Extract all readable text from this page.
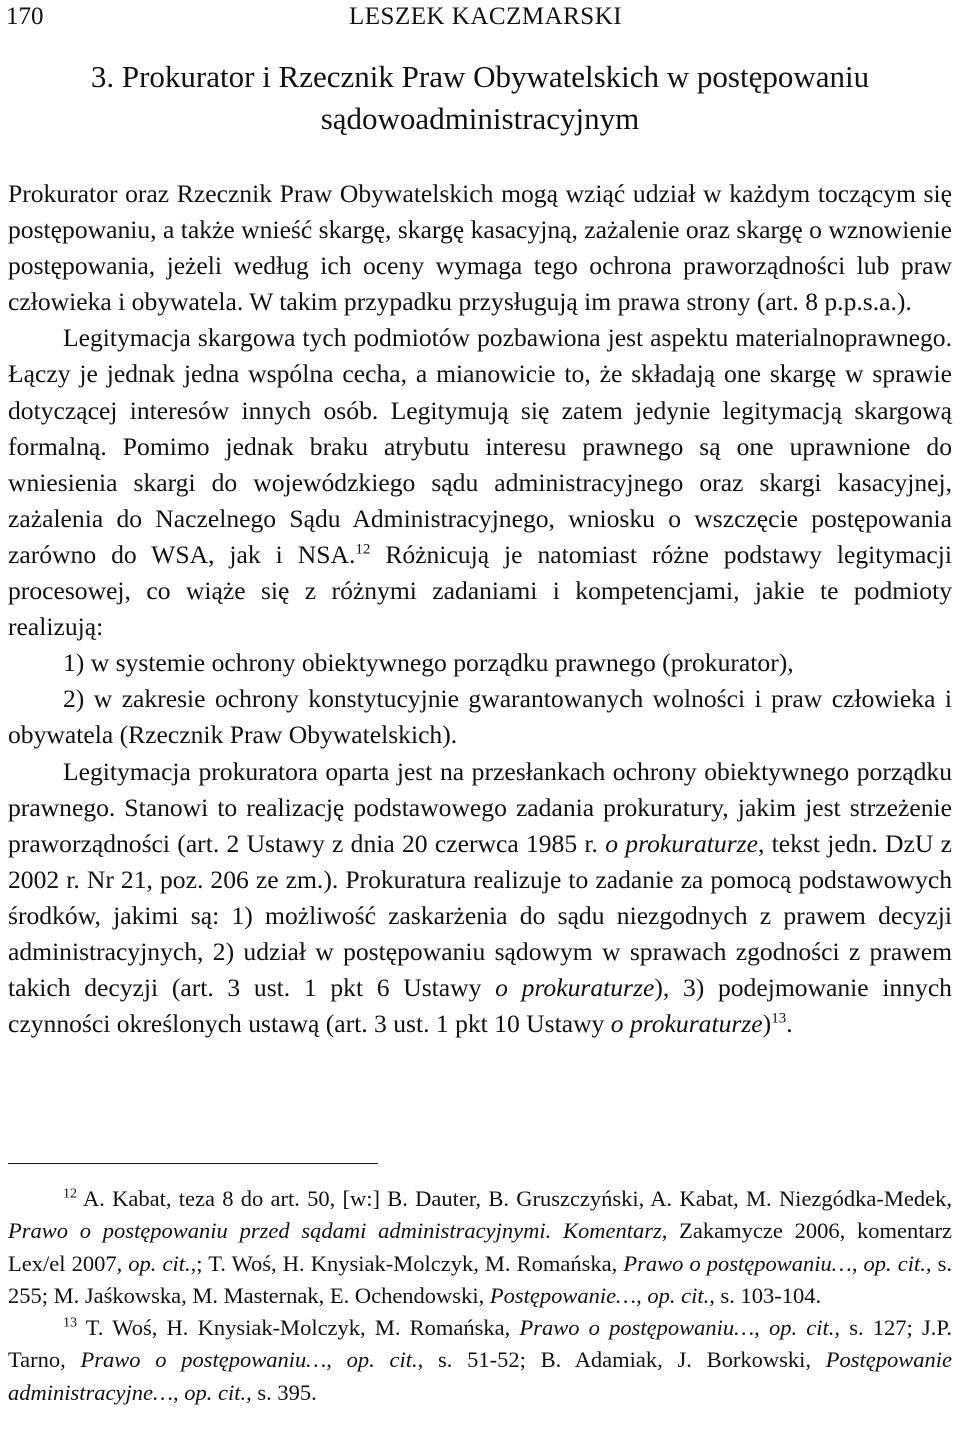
170	LESZEK KACZMARSKI
3. Prokurator i Rzecznik Praw Obywatelskich w postępowaniu
sądowoadministracyjnym

Prokurator oraz Rzecznik Praw Obywatelskich mogą wziąć udział w każdym toczącym się postępowaniu, a także wnieść skargę, skargę kasacyjną, zażalenie oraz skargę o wznowienie postępowania, jeżeli według ich oceny wymaga tego ochrona praworządności lub praw człowieka i obywatela. W takim przypadku przysługują im prawa strony (art. 8 p.p.s.a.).

Legitymacja skargowa tych podmiotów pozbawiona jest aspektu materialnoprawnego. Łączy je jednak jedna wspólna cecha, a mianowicie to, że składają one skargę w sprawie dotyczącej interesów innych osób. Legitymują się zatem jedynie legitymacją skargową formalną. Pomimo jednak braku atrybutu interesu prawnego są one uprawnione do wniesienia skargi do wojewódzkiego sądu administracyjnego oraz skargi kasacyjnej, zażalenia do Naczelnego Sądu Administracyjnego, wniosku o wszczęcie postępowania zarówno do WSA, jak i NSA.$^{12}$ Różnicują je natomiast różne podstawy legitymacji procesowej, co wiąże się z różnymi zadaniami i kompetencjami, jakie te podmioty realizują:

1) w systemie ochrony obiektywnego porządku prawnego (prokurator),

2) w zakresie ochrony konstytucyjnie gwarantowanych wolności i praw człowieka i obywatela (Rzecznik Praw Obywatelskich).

Legitymacja prokuratora oparta jest na przesłankach ochrony obiektywnego porządku prawnego. Stanowi to realizację podstawowego zadania prokuratury, jakim jest strzeżenie praworządności (art. 2 Ustawy z dnia 20 czerwca 1985 r. o prokuraturze, tekst jedn. DzU z 2002 r. Nr 21, poz. 206 ze zm.). Prokuratura realizuje to zadanie za pomocą podstawowych środków, jakimi są: 1) możliwość zaskarżenia do sądu niezgodnych z prawem decyzji administracyjnych, 2) udział w postępowaniu sądowym w sprawach zgodności z prawem takich decyzji (art. 3 ust. 1 pkt 6 Ustawy o prokuraturze), 3) podejmowanie innych czynności określonych ustawą (art. 3 ust. 1 pkt 10 Ustawy o prokuraturze)$^{13}$.

$^{12}$ A. Kabat, teza 8 do art. 50, [w:] B. Dauter, B. Gruszczyński, A. Kabat, M. Niezgódka-Medek, Prawo o postępowaniu przed sądami administracyjnymi. Komentarz, Zakamycze 2006, komentarz Lex/el 2007, op. cit.,; T. Woś, H. Knysiak-Molczyk, M. Romańska, Prawo o postępowaniu…, op. cit., s. 255; M. Jaśkowska, M. Masternak, E. Ochendowski, Postępowanie…, op. cit., s. 103-104.

$^{13}$ T. Woś, H. Knysiak-Molczyk, M. Romańska, Prawo o postępowaniu…, op. cit., s. 127; J.P. Tarno, Prawo o postępowaniu…, op. cit., s. 51-52; B. Adamiak, J. Borkowski, Postępowanie administracyjne…, op. cit., s. 395.
